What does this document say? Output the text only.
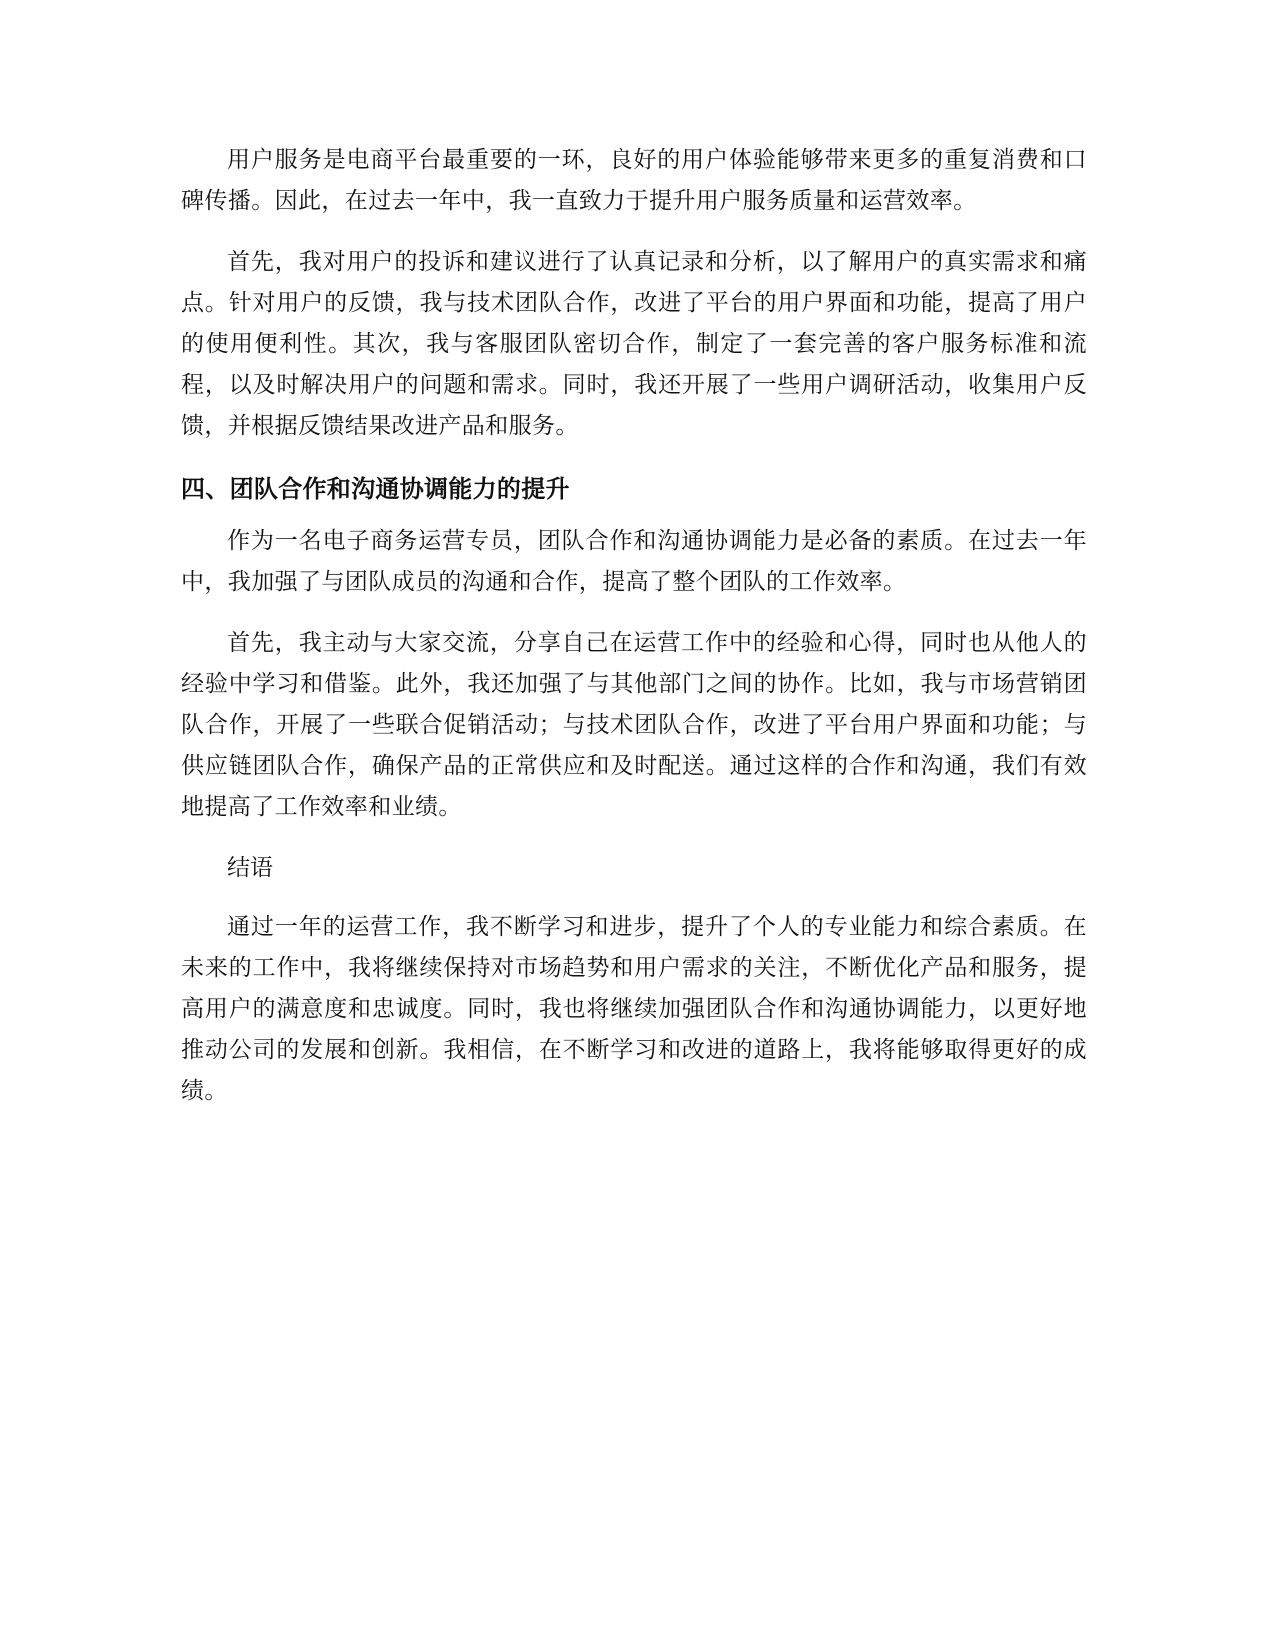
用户服务是电商平台最重要的一环，良好的用户体验能够带来更多的重复消费和口碑传播。因此，在过去一年中，我一直致力于提升用户服务质量和运营效率。

首先，我对用户的投诉和建议进行了认真记录和分析，以了解用户的真实需求和痛点。针对用户的反馈，我与技术团队合作，改进了平台的用户界面和功能，提高了用户的使用便利性。其次，我与客服团队密切合作，制定了一套完善的客户服务标准和流程，以及时解决用户的问题和需求。同时，我还开展了一些用户调研活动，收集用户反馈，并根据反馈结果改进产品和服务。

四、团队合作和沟通协调能力的提升

作为一名电子商务运营专员，团队合作和沟通协调能力是必备的素质。在过去一年中，我加强了与团队成员的沟通和合作，提高了整个团队的工作效率。

首先，我主动与大家交流，分享自己在运营工作中的经验和心得，同时也从他人的经验中学习和借鉴。此外，我还加强了与其他部门之间的协作。比如，我与市场营销团队合作，开展了一些联合促销活动；与技术团队合作，改进了平台用户界面和功能；与供应链团队合作，确保产品的正常供应和及时配送。通过这样的合作和沟通，我们有效地提高了工作效率和业绩。

结语

通过一年的运营工作，我不断学习和进步，提升了个人的专业能力和综合素质。在未来的工作中，我将继续保持对市场趋势和用户需求的关注，不断优化产品和服务，提高用户的满意度和忠诚度。同时，我也将继续加强团队合作和沟通协调能力，以更好地推动公司的发展和创新。我相信，在不断学习和改进的道路上，我将能够取得更好的成绩。
